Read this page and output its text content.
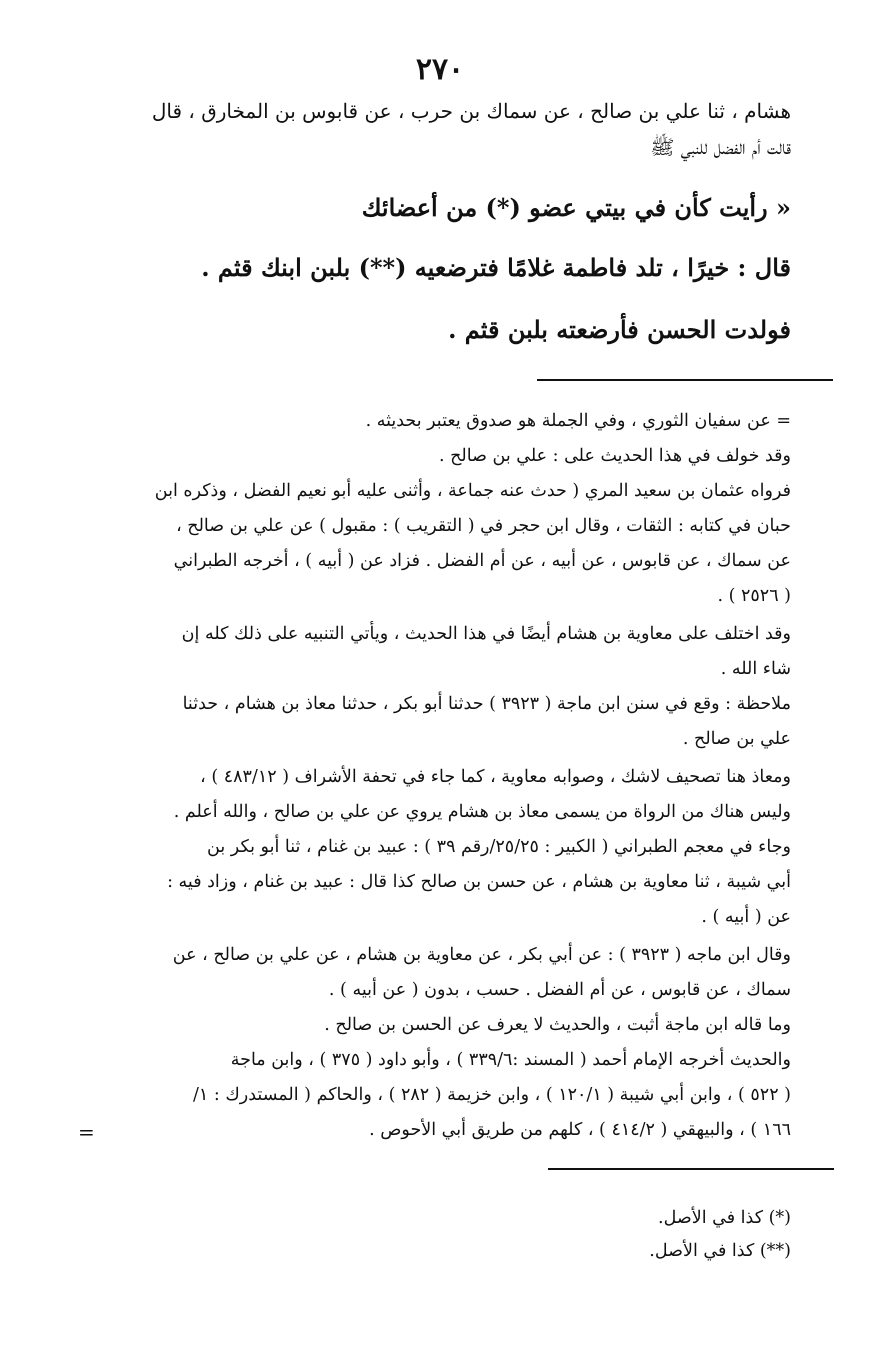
٢٧٠
هشام ، ثنا علي بن صالح ، عن سماك بن حرب ، عن قابوس بن المخارق ، قال
قالت أم الفضل للنبي ﷺ
« رأيت كأن في بيتي عضو (*) من أعضائك
قال : خيرًا ، تلد فاطمة غلامًا فترضعيه (**) بلبن ابنك قثم .
فولدت الحسن فأرضعته بلبن قثم .
= عن سفيان الثوري ، وفي الجملة هو صدوق يعتبر بحديثه .
وقد خولف في هذا الحديث على : علي بن صالح .
فرواه عثمان بن سعيد المري ( حدث عنه جماعة ، وأثنى عليه أبو نعيم الفضل ، وذكره ابن
حبان في كتابه : الثقات ، وقال ابن حجر في ( التقريب ) : مقبول ) عن علي بن صالح ،
عن سماك ، عن قابوس ، عن أبيه ، عن أم الفضل . فزاد عن ( أبيه ) ، أخرجه الطبراني
( ٢٥٢٦ ) .
وقد اختلف على معاوية بن هشام أيضًا في هذا الحديث ، ويأتي التنبيه على ذلك كله إن
شاء الله .
ملاحظة : وقع في سنن ابن ماجة ( ٣٩٢٣ ) حدثنا أبو بكر ، حدثنا معاذ بن هشام ، حدثنا
علي بن صالح .
ومعاذ هنا تصحيف لاشك ، وصوابه معاوية ، كما جاء في تحفة الأشراف ( ٤٨٣/١٢ ) ،
وليس هناك من الرواة من يسمى معاذ بن هشام يروي عن علي بن صالح ، والله أعلم .
وجاء في معجم الطبراني ( الكبير : ٢٥/٢٥/رقم ٣٩ ) : عبيد بن غنام ، ثنا أبو بكر بن
أبي شيبة ، ثنا معاوية بن هشام ، عن حسن بن صالح كذا قال : عبيد بن غنام ، وزاد فيه :
عن ( أبيه ) .
وقال ابن ماجه ( ٣٩٢٣ ) : عن أبي بكر ، عن معاوية بن هشام ، عن علي بن صالح ، عن
سماك ، عن قابوس ، عن أم الفضل . حسب ، بدون ( عن أبيه ) .
وما قاله ابن ماجة أثبت ، والحديث لا يعرف عن الحسن بن صالح .
والحديث أخرجه الإمام أحمد ( المسند :٣٣٩/٦ ) ، وأبو داود ( ٣٧٥ ) ، وابن ماجة
( ٥٢٢ ) ، وابن أبي شيبة ( ١٢٠/١ ) ، وابن خزيمة ( ٢٨٢ ) ، والحاكم ( المستدرك : ١/
١٦٦ ) ، والبيهقي ( ٤١٤/٢ ) ، كلهم من طريق أبي الأحوص .
=
(*) كذا في الأصل.
(**) كذا في الأصل.
